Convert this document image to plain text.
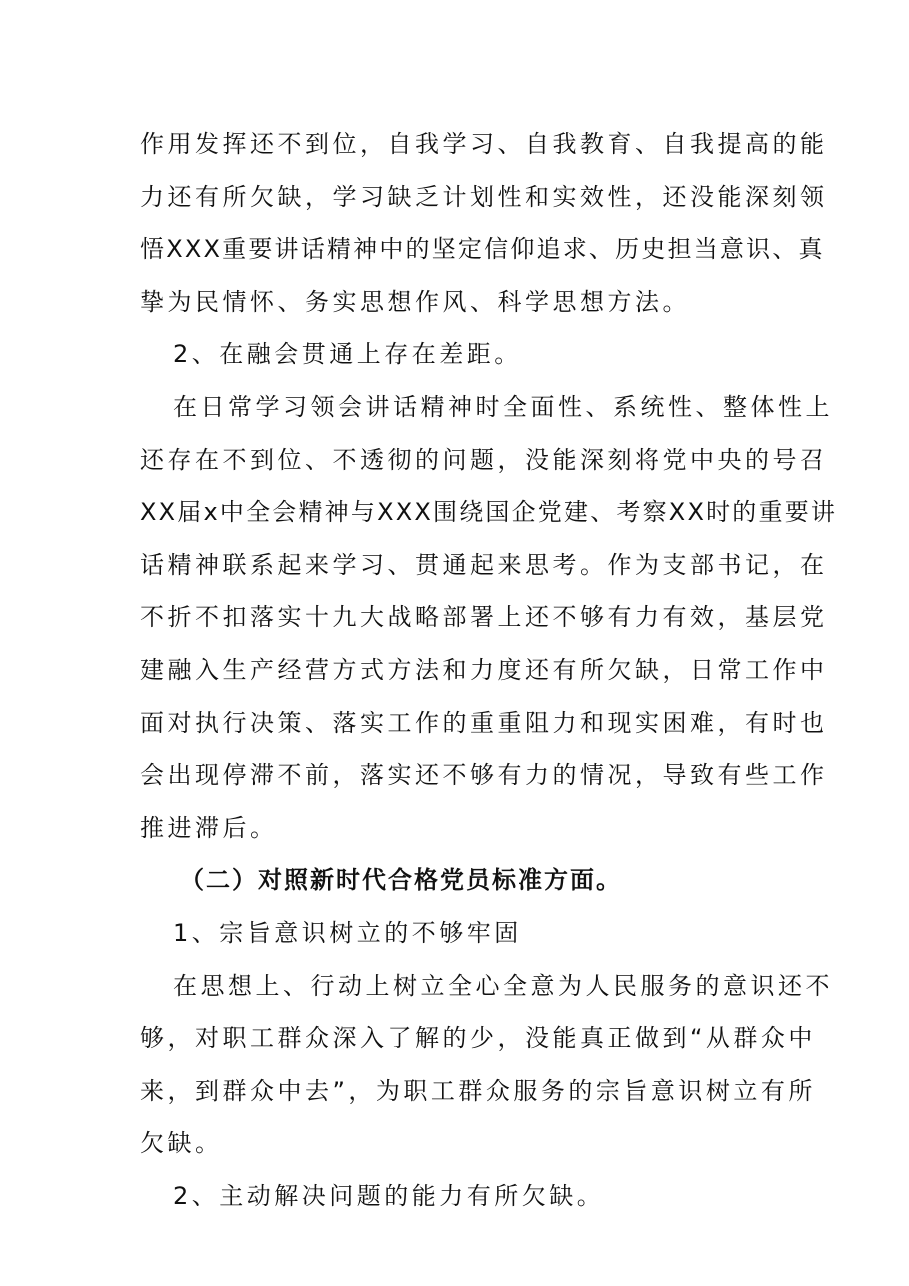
作用发挥还不到位，自我学习、自我教育、自我提高的能
力还有所欠缺，学习缺乏计划性和实效性，还没能深刻领
悟XXX重要讲话精神中的坚定信仰追求、历史担当意识、真
挚为民情怀、务实思想作风、科学思想方法。
2、在融会贯通上存在差距。
在日常学习领会讲话精神时全面性、系统性、整体性上
还存在不到位、不透彻的问题，没能深刻将党中央的号召
XX届x中全会精神与XXX围绕国企党建、考察XX时的重要讲
话精神联系起来学习、贯通起来思考。作为支部书记，在
不折不扣落实十九大战略部署上还不够有力有效，基层党
建融入生产经营方式方法和力度还有所欠缺，日常工作中
面对执行决策、落实工作的重重阻力和现实困难，有时也
会出现停滞不前，落实还不够有力的情况，导致有些工作
推进滞后。
（二）对照新时代合格党员标准方面。
1、宗旨意识树立的不够牢固
在思想上、行动上树立全心全意为人民服务的意识还不
够，对职工群众深入了解的少，没能真正做到“从群众中
来，到群众中去”，为职工群众服务的宗旨意识树立有所
欠缺。
2、主动解决问题的能力有所欠缺。
